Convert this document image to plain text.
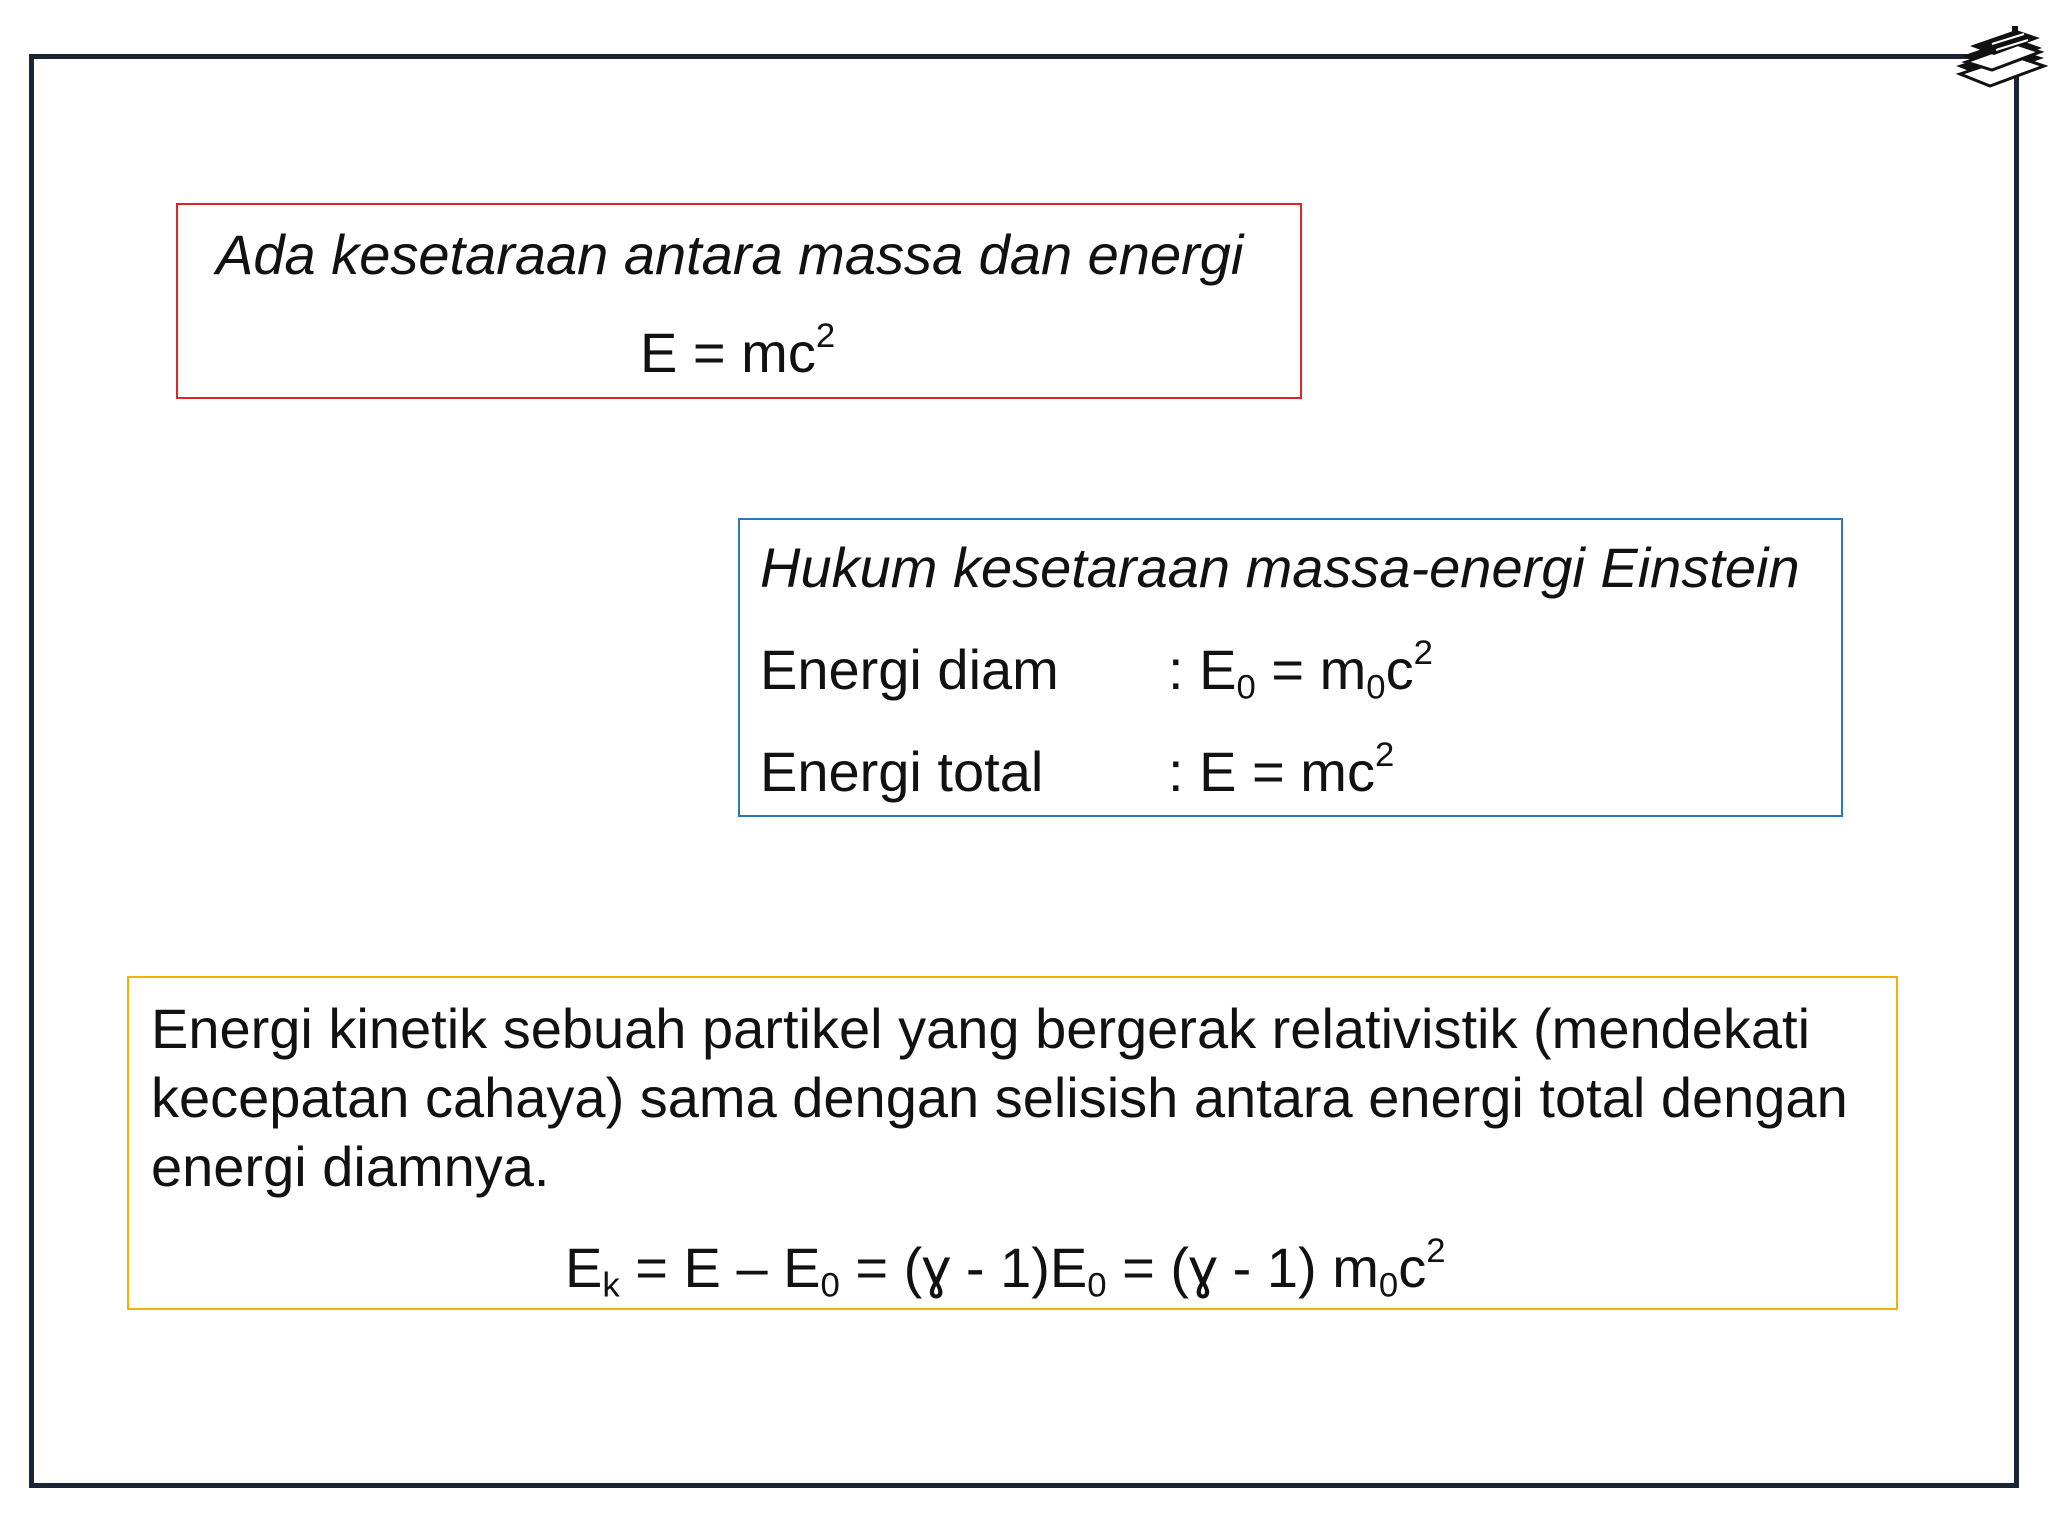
Ada kesetaraan antara massa dan energi
$E = mc^2$
Hukum kesetaraan massa-energi Einstein
Energi diam : $E_0 = m_0c^2$
Energi total : $E = mc^2$
Energi kinetik sebuah partikel yang bergerak relativistik (mendekati kecepatan cahaya) sama dengan selisish antara energi total dengan energi diamnya.
$E_k = E - E_0$ = (ɣ - $1)E_0$ = (ɣ - 1) $m_0c^2$
